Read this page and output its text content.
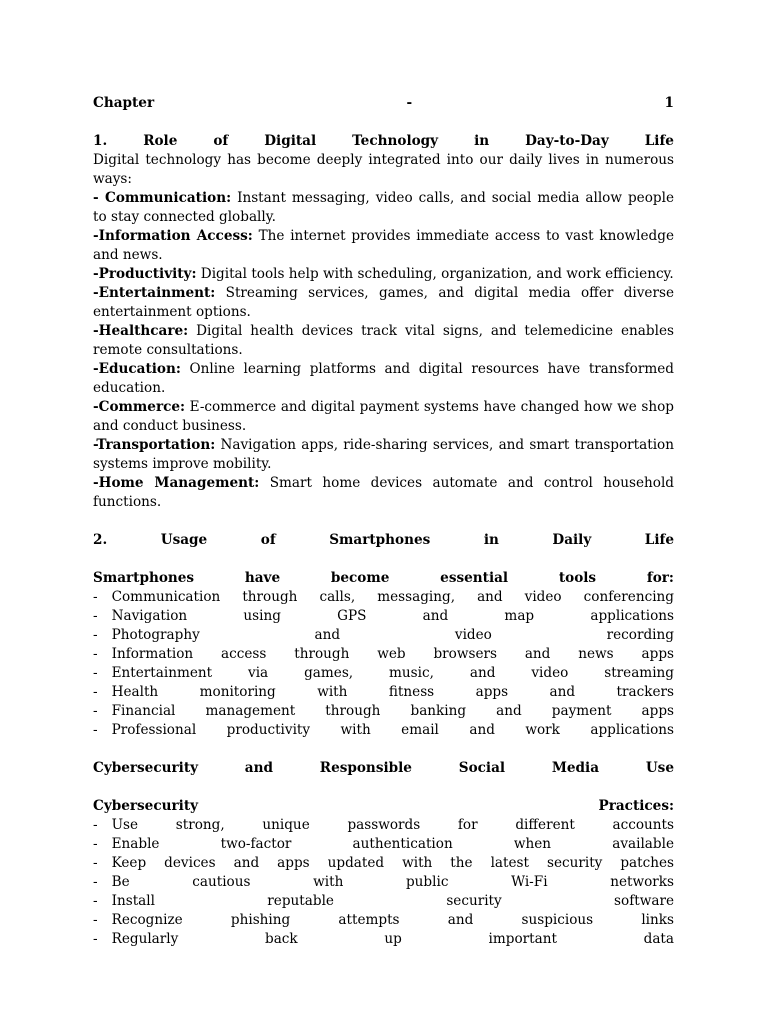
Chapter	-	1
1.	Role	of	Digital	Technology	in	Day-to-Day	Life
Digital technology has become deeply integrated into our daily lives in numerous ways:
- Communication: Instant messaging, video calls, and social media allow people to stay connected globally.
-Information Access: The internet provides immediate access to vast knowledge and news.
-Productivity: Digital tools help with scheduling, organization, and work efficiency.
-Entertainment: Streaming services, games, and digital media offer diverse entertainment options.
-Healthcare: Digital health devices track vital signs, and telemedicine enables remote consultations.
-Education: Online learning platforms and digital resources have transformed education.
-Commerce: E-commerce and digital payment systems have changed how we shop and conduct business.
-Transportation: Navigation apps, ride-sharing services, and smart transportation systems improve mobility.
-Home Management: Smart home devices automate and control household functions.
2.	Usage	of	Smartphones	in	Daily	Life
Smartphones	have	become	essential	tools	for:
- Communication through calls, messaging, and video conferencing
- Navigation using GPS and map applications
- Photography and video recording
- Information access through web browsers and news apps
- Entertainment via games, music, and video streaming
- Health monitoring with fitness apps and trackers
- Financial management through banking and payment apps
- Professional productivity with email and work applications
Cybersecurity	and	Responsible	Social	Media	Use
Cybersecurity	Practices:
- Use strong, unique passwords for different accounts
- Enable two-factor authentication when available
- Keep devices and apps updated with the latest security patches
- Be cautious with public Wi-Fi networks
- Install reputable security software
- Recognize phishing attempts and suspicious links
- Regularly back up important data
